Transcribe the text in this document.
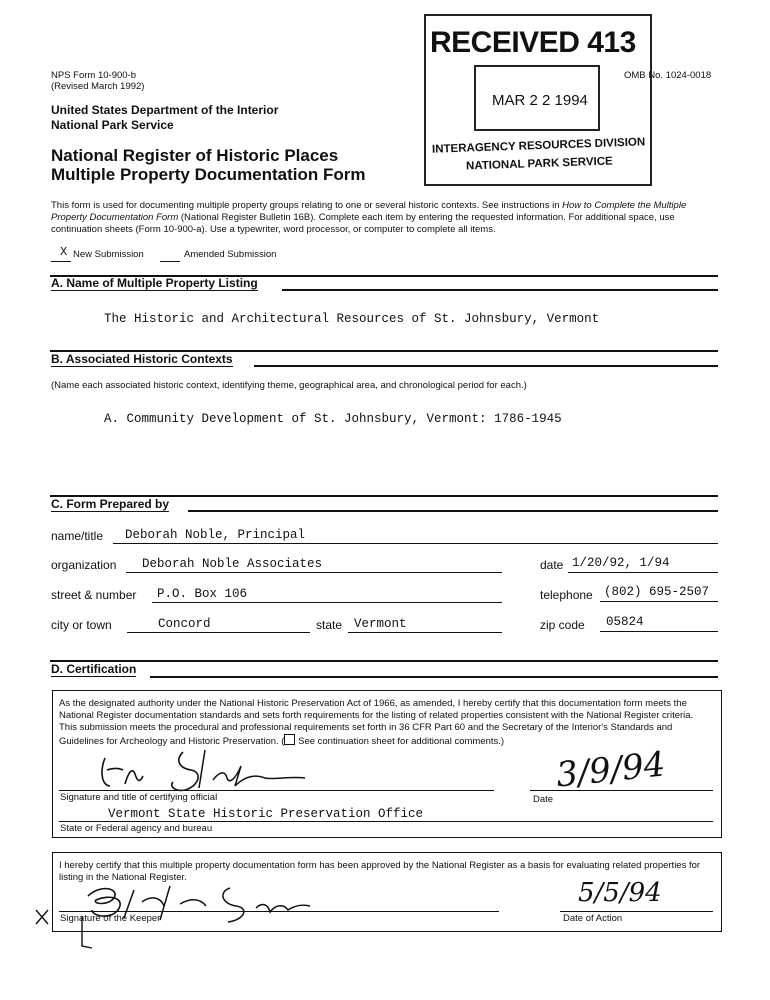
NPS Form 10-900-b
(Revised March 1992)
OMB No. 1024-0018
United States Department of the Interior
National Park Service
National Register of Historic Places
Multiple Property Documentation Form
RECEIVED 413
MAR 2 2 1994
INTERAGENCY RESOURCES DIVISION
NATIONAL PARK SERVICE
This form is used for documenting multiple property groups relating to one or several historic contexts. See instructions in How to Complete the Multiple Property Documentation Form (National Register Bulletin 16B). Complete each item by entering the requested information. For additional space, use continuation sheets (Form 10-900-a). Use a typewriter, word processor, or computer to complete all items.
X New Submission	Amended Submission
A. Name of Multiple Property Listing
The Historic and Architectural Resources of St. Johnsbury, Vermont
B. Associated Historic Contexts
(Name each associated historic context, identifying theme, geographical area, and chronological period for each.)
A. Community Development of St. Johnsbury, Vermont: 1786-1945
C. Form Prepared by
name/title Deborah Noble, Principal
organization Deborah Noble Associates	date 1/20/92, 1/94
street & number P.O. Box 106	telephone (802) 695-2507
city or town	Concord	state Vermont	zip code 05824
D. Certification
As the designated authority under the National Historic Preservation Act of 1966, as amended, I hereby certify that this documentation form meets the National Register documentation standards and sets forth requirements for the listing of related properties consistent with the National Register criteria. This submission meets the procedural and professional requirements set forth in 36 CFR Part 60 and the Secretary of the Interior's Standards and Guidelines for Archeology and Historic Preservation. ( See continuation sheet for additional comments.)
Signature and title of certifying official	Date
3/9/94
Vermont State Historic Preservation Office
State or Federal agency and bureau
I hereby certify that this multiple property documentation form has been approved by the National Register as a basis for evaluating related properties for listing in the National Register.
Signature of the Keeper	Date of Action
5/5/94
